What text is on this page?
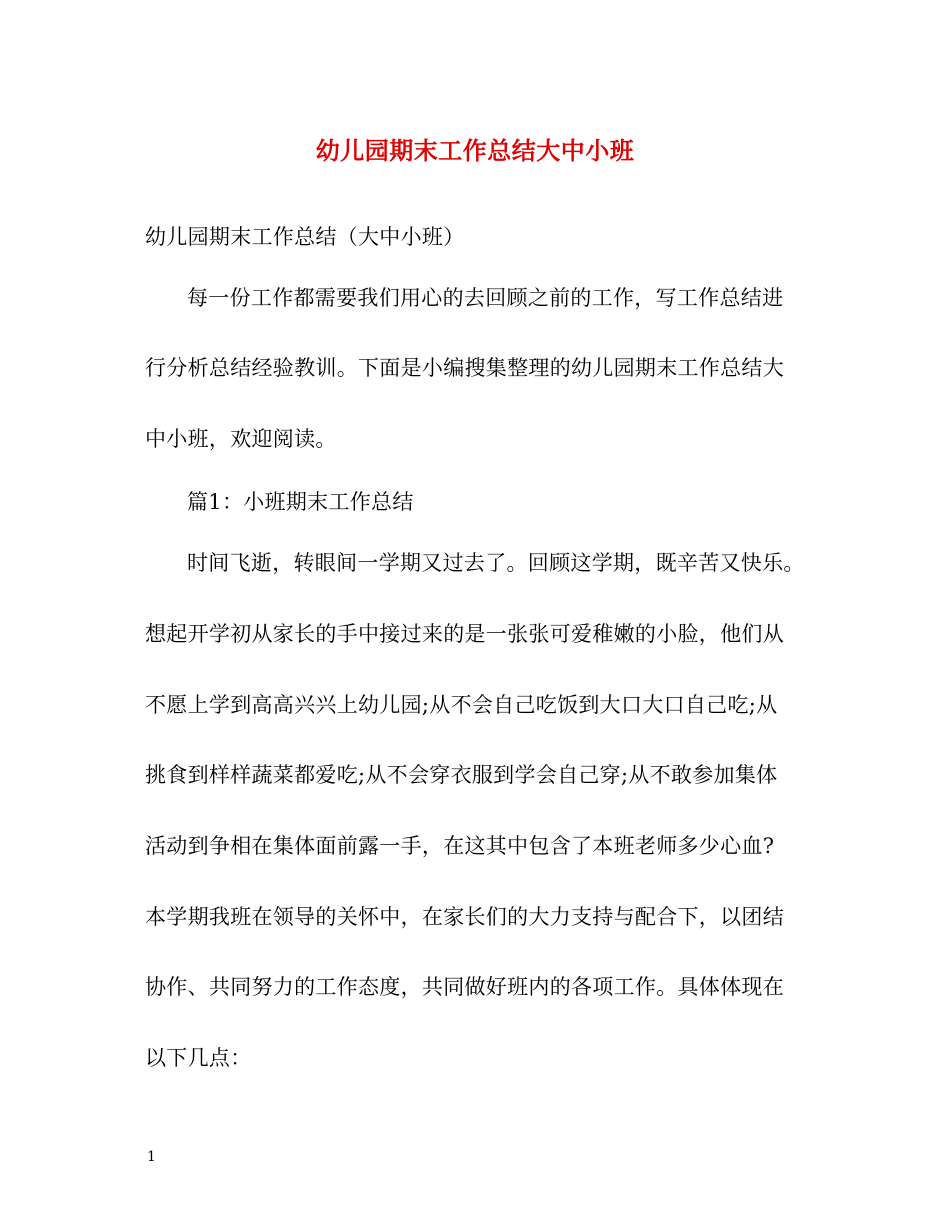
幼儿园期末工作总结大中小班
幼儿园期末工作总结（大中小班）
每一份工作都需要我们用心的去回顾之前的工作，写工作总结进
行分析总结经验教训。下面是小编搜集整理的幼儿园期末工作总结大
中小班，欢迎阅读。
篇1：小班期末工作总结
时间飞逝，转眼间一学期又过去了。回顾这学期，既辛苦又快乐。
想起开学初从家长的手中接过来的是一张张可爱稚嫩的小脸，他们从
不愿上学到高高兴兴上幼儿园;从不会自己吃饭到大口大口自己吃;从
挑食到样样蔬菜都爱吃;从不会穿衣服到学会自己穿;从不敢参加集体
活动到争相在集体面前露一手，在这其中包含了本班老师多少心血?
本学期我班在领导的关怀中，在家长们的大力支持与配合下，以团结
协作、共同努力的工作态度，共同做好班内的各项工作。具体体现在
以下几点：
1
